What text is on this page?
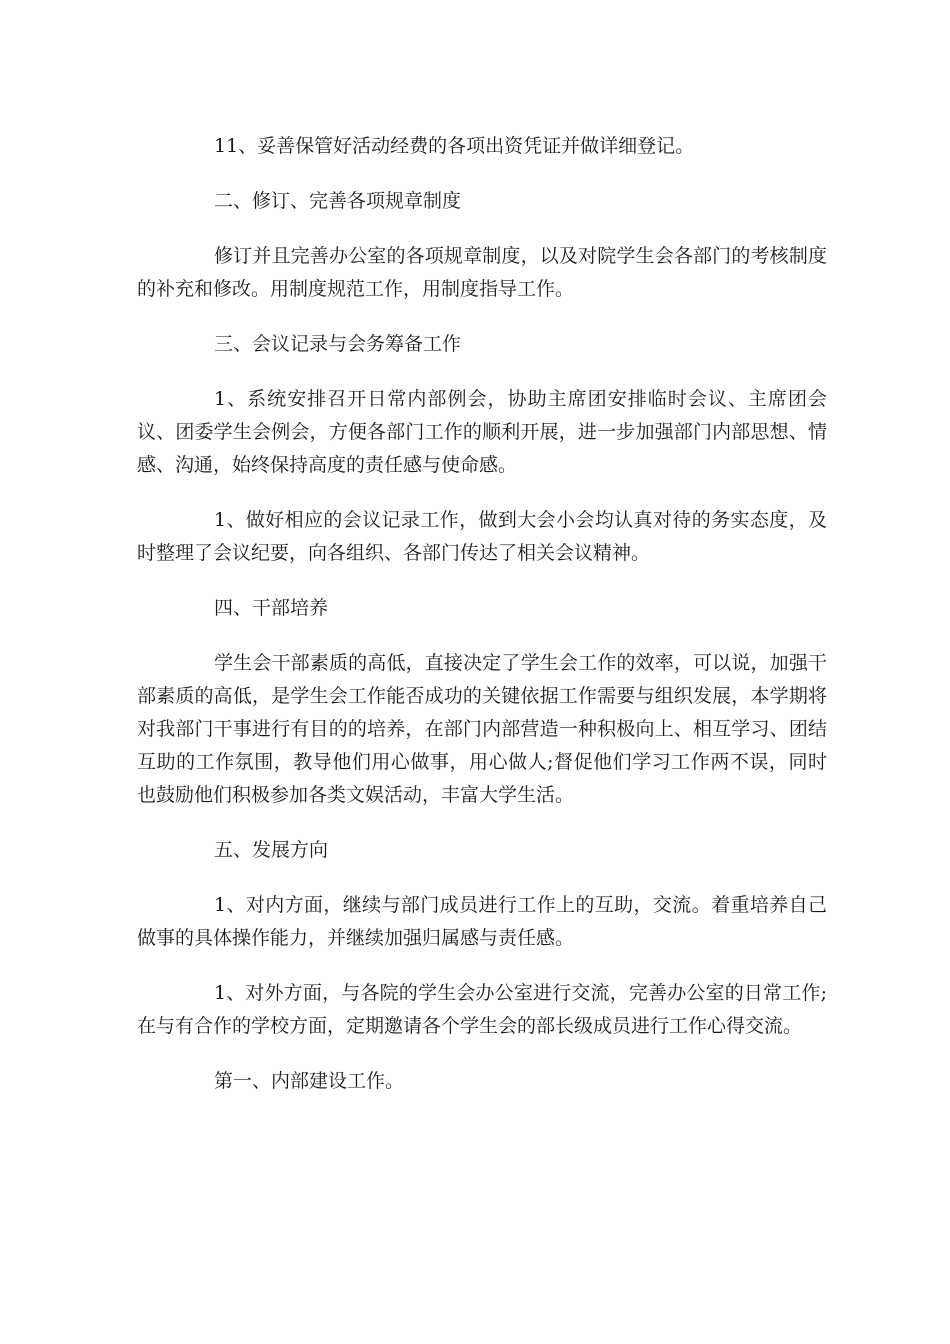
11、妥善保管好活动经费的各项出资凭证并做详细登记。

二、修订、完善各项规章制度

修订并且完善办公室的各项规章制度，以及对院学生会各部门的考核制度的补充和修改。用制度规范工作，用制度指导工作。

三、会议记录与会务筹备工作

1、系统安排召开日常内部例会，协助主席团安排临时会议、主席团会议、团委学生会例会，方便各部门工作的顺利开展，进一步加强部门内部思想、情感、沟通，始终保持高度的责任感与使命感。

1、做好相应的会议记录工作，做到大会小会均认真对待的务实态度，及时整理了会议纪要，向各组织、各部门传达了相关会议精神。

四、干部培养

学生会干部素质的高低，直接决定了学生会工作的效率，可以说，加强干部素质的高低，是学生会工作能否成功的关键依据工作需要与组织发展，本学期将对我部门干事进行有目的的培养，在部门内部营造一种积极向上、相互学习、团结互助的工作氛围，教导他们用心做事，用心做人;督促他们学习工作两不误，同时也鼓励他们积极参加各类文娱活动，丰富大学生活。

五、发展方向

1、对内方面，继续与部门成员进行工作上的互助，交流。着重培养自己做事的具体操作能力，并继续加强归属感与责任感。

1、对外方面，与各院的学生会办公室进行交流，完善办公室的日常工作;在与有合作的学校方面，定期邀请各个学生会的部长级成员进行工作心得交流。

第一、内部建设工作。
